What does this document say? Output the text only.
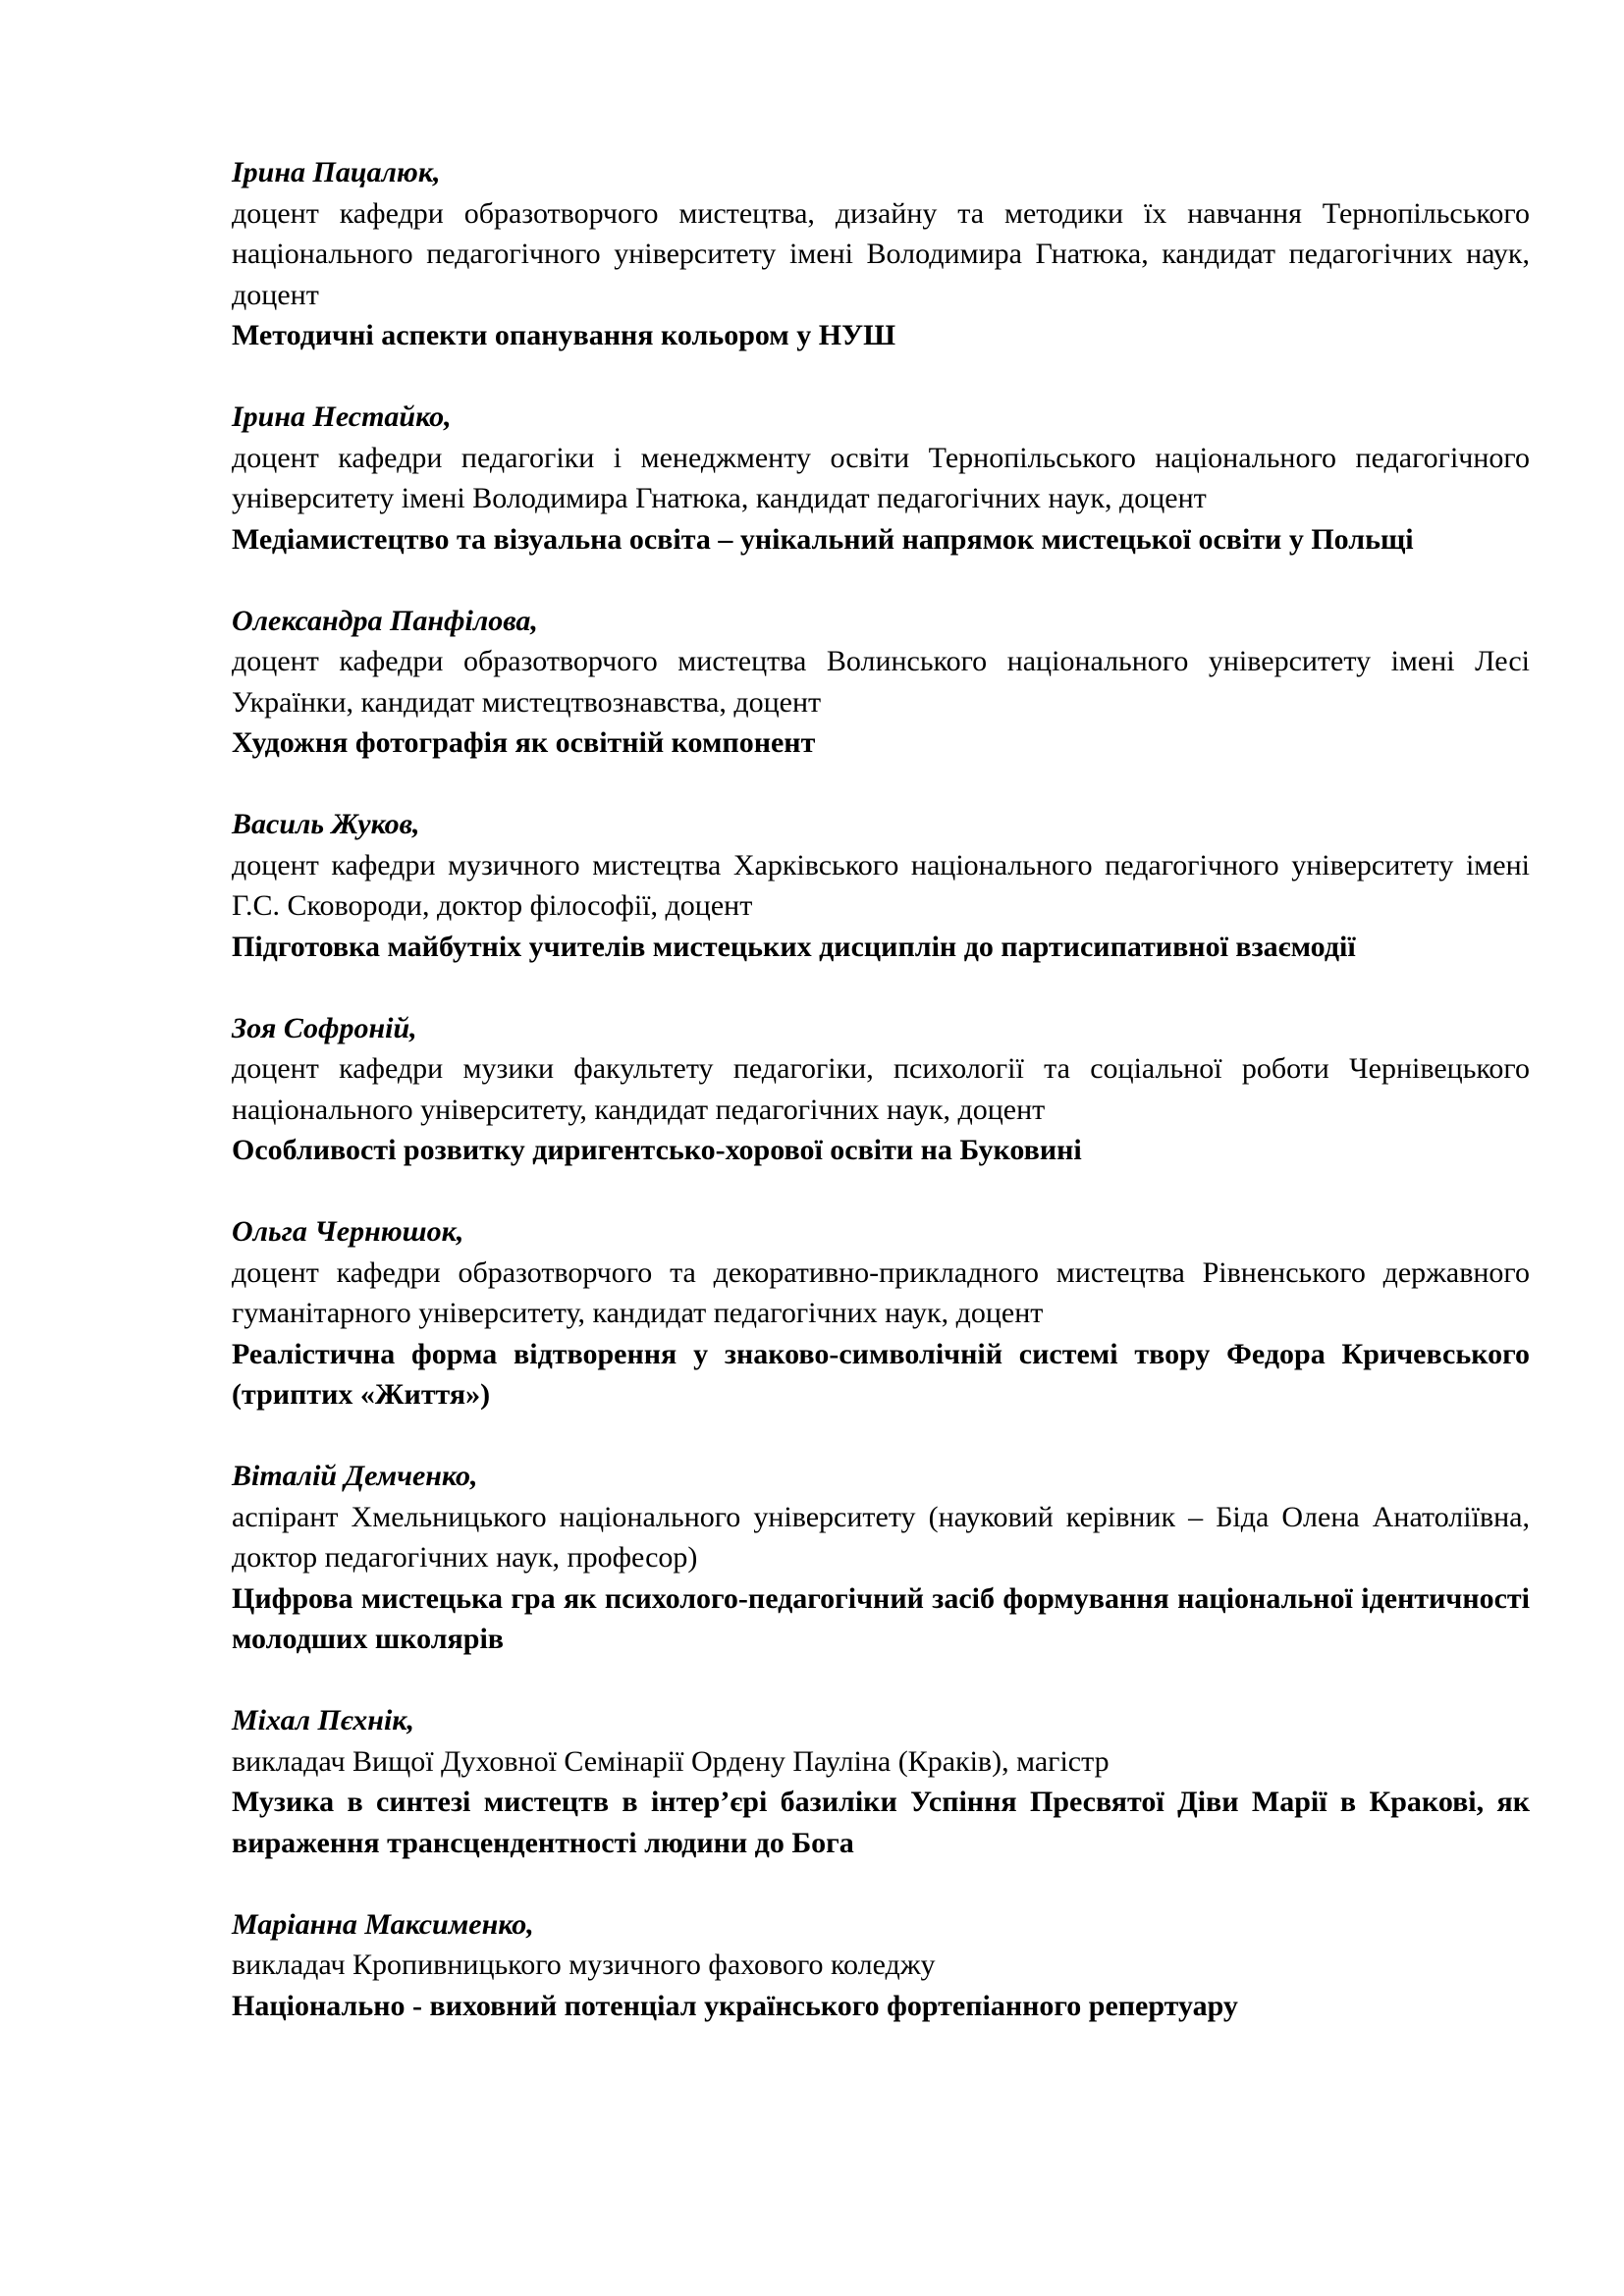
Ірина Пацалюк,
доцент кафедри образотворчого мистецтва, дизайну та методики їх навчання Тернопільського національного педагогічного університету імені Володимира Гнатюка, кандидат педагогічних наук, доцент
Методичні аспекти опанування кольором у НУШ
Ірина Нестайко,
доцент кафедри педагогіки і менеджменту освіти Тернопільського національного педагогічного університету імені Володимира Гнатюка, кандидат педагогічних наук, доцент
Медіамистецтво та візуальна освіта – унікальний напрямок мистецької освіти у Польщі
Олександра Панфілова,
доцент кафедри образотворчого мистецтва Волинського національного університету імені Лесі Українки, кандидат мистецтвознавства, доцент
Художня фотографія як освітній компонент
Василь Жуков,
доцент кафедри музичного мистецтва Харківського національного педагогічного університету імені Г.С. Сковороди, доктор філософії, доцент
Підготовка майбутніх учителів мистецьких дисциплін до партисипативної взаємодії
Зоя Софроній,
доцент кафедри музики факультету педагогіки, психології та соціальної роботи Чернівецького національного університету, кандидат педагогічних наук, доцент
Особливості розвитку диригентсько-хорової освіти на Буковині
Ольга Чернюшок,
доцент кафедри образотворчого та декоративно-прикладного мистецтва Рівненського державного гуманітарного університету, кандидат педагогічних наук, доцент
Реалістична форма відтворення у знаково-символічній системі твору Федора Кричевського (триптих «Життя»)
Віталій Демченко,
аспірант Хмельницького національного університету (науковий керівник – Біда Олена Анатоліївна, доктор педагогічних наук, професор)
Цифрова мистецька гра як психолого-педагогічний засіб формування національної ідентичності молодших школярів
Міхал Пєхнік,
викладач Вищої Духовної Семінарії Ордену Пауліна (Краків), магістр
Музика в синтезі мистецтв в інтер’єрі базиліки Успіння Пресвятої Діви Марії в Кракові, як вираження трансцендентності людини до Бога
Маріанна Максименко,
викладач Кропивницького музичного фахового коледжу
Національно - виховний потенціал українського фортепіанного репертуару
